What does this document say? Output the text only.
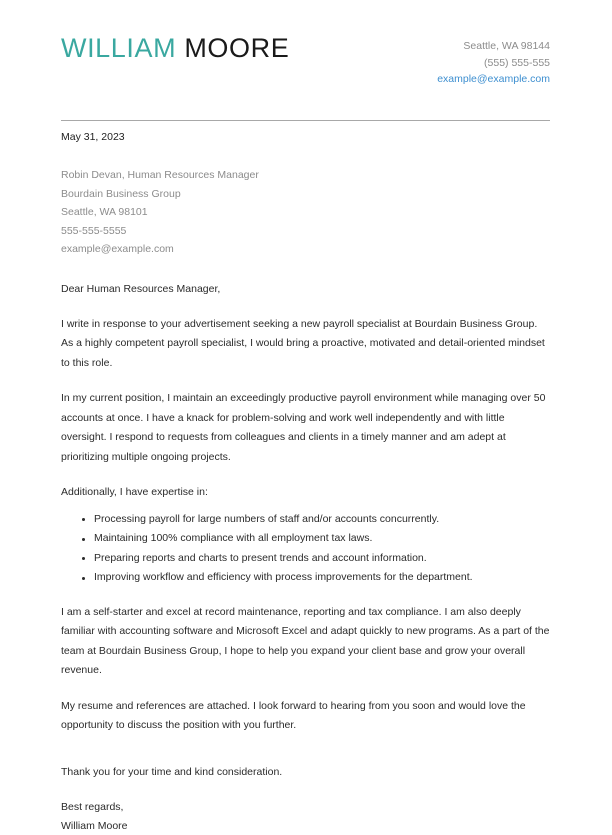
WILLIAM MOORE	Seattle, WA 98144
(555) 555-555
example@example.com
May 31, 2023
Robin Devan, Human Resources Manager
Bourdain Business Group
Seattle, WA 98101
555-555-5555
example@example.com
Dear Human Resources Manager,

I write in response to your advertisement seeking a new payroll specialist at Bourdain Business Group. As a highly competent payroll specialist, I would bring a proactive, motivated and detail-oriented mindset to this role.

In my current position, I maintain an exceedingly productive payroll environment while managing over 50 accounts at once. I have a knack for problem-solving and work well independently and with little oversight. I respond to requests from colleagues and clients in a timely manner and am adept at prioritizing multiple ongoing projects.

Additionally, I have expertise in:

Processing payroll for large numbers of staff and/or accounts concurrently.
Maintaining 100% compliance with all employment tax laws.
Preparing reports and charts to present trends and account information.
Improving workflow and efficiency with process improvements for the department.

I am a self-starter and excel at record maintenance, reporting and tax compliance. I am also deeply familiar with accounting software and Microsoft Excel and adapt quickly to new programs. As a part of the team at Bourdain Business Group, I hope to help you expand your client base and grow your overall revenue.

My resume and references are attached. I look forward to hearing from you soon and would love the opportunity to discuss the position with you further.

Thank you for your time and kind consideration.

Best regards,
William Moore
